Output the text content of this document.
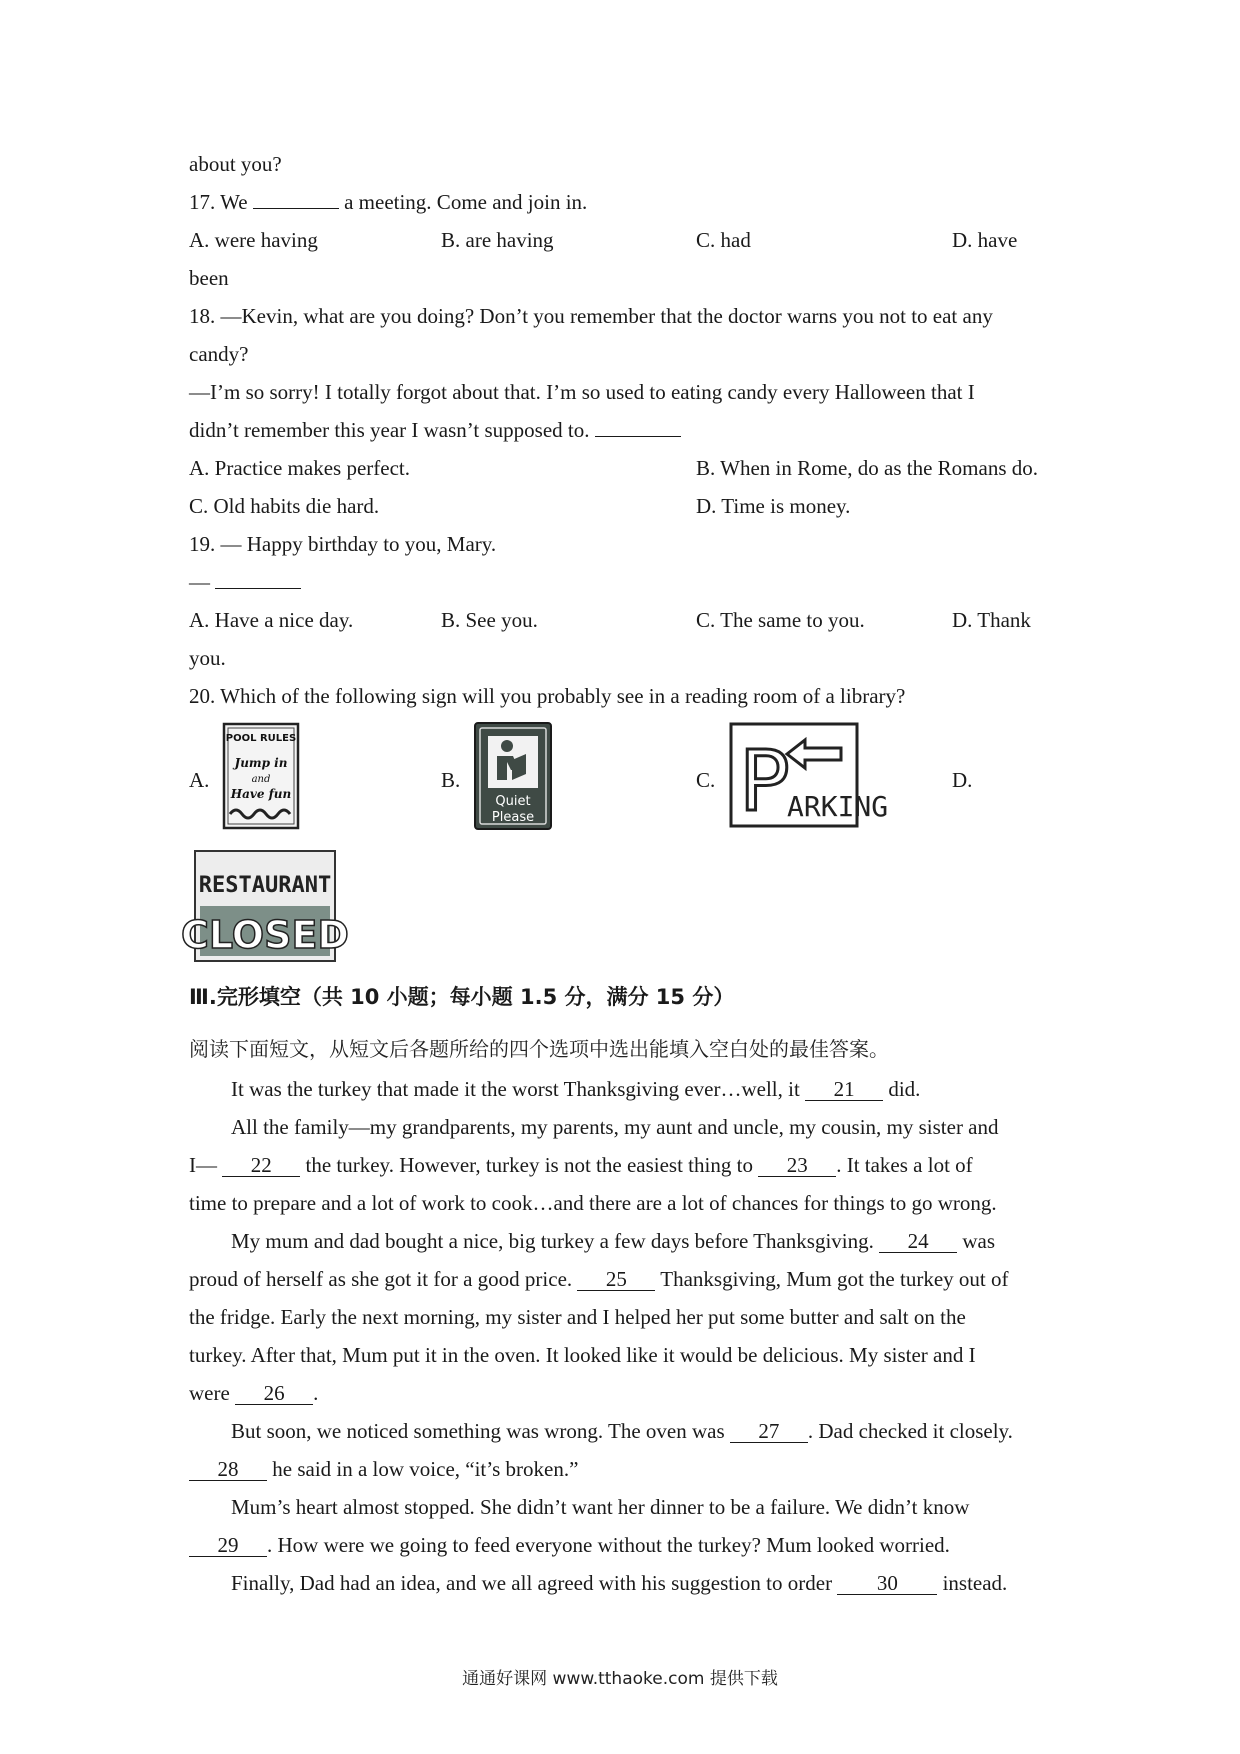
about you?
17. We	a meeting. Come and join in.
A. were having	B. are having	C. had	D. have
been
18. —Kevin, what are you doing? Don’t you remember that the doctor warns you not to eat any
candy?
—I’m so sorry! I totally forgot about that. I’m so used to eating candy every Halloween that I
didn’t remember this year I wasn’t supposed to.
A. Practice makes perfect.	B. When in Rome, do as the Romans do.
C. Old habits die hard.	D. Time is money.
19. — Happy birthday to you, Mary.
—
A. Have a nice day.	B. See you.	C. The same to you.	D. Thank
you.
20. Which of the following sign will you probably see in a reading room of a library?
A.	B.	C.	D.
POOL RULES
Jump in
and
Have fun	Quiet
Please P
ARKING
RESTAURANT
CLOSED
Ⅲ.完形填空（共 10 小题；每小题 1.5 分，满分 15 分）
阅读下面短文，从短文后各题所给的四个选项中选出能填入空白处的最佳答案。
It was the turkey that made it the worst Thanksgiving ever…well, it 21 did.
All the family—my grandparents, my parents, my aunt and uncle, my cousin, my sister and
I— 22 the turkey. However, turkey is not the easiest thing to 23 . It takes a lot of
time to prepare and a lot of work to cook…and there are a lot of chances for things to go wrong.
My mum and dad bought a nice, big turkey a few days before Thanksgiving. 24 was
proud of herself as she got it for a good price. 25 Thanksgiving, Mum got the turkey out of
the fridge. Early the next morning, my sister and I helped her put some butter and salt on the
turkey. After that, Mum put it in the oven. It looked like it would be delicious. My sister and I
were 26 .
But soon, we noticed something was wrong. The oven was 27 . Dad checked it closely.
28 he said in a low voice, “it’s broken.”
Mum’s heart almost stopped. She didn’t want her dinner to be a failure. We didn’t know
29 . How were we going to feed everyone without the turkey? Mum looked worried.
Finally, Dad had an idea, and we all agreed with his suggestion to order 30 instead.
通通好课网 www.tthaoke.com 提供下载
